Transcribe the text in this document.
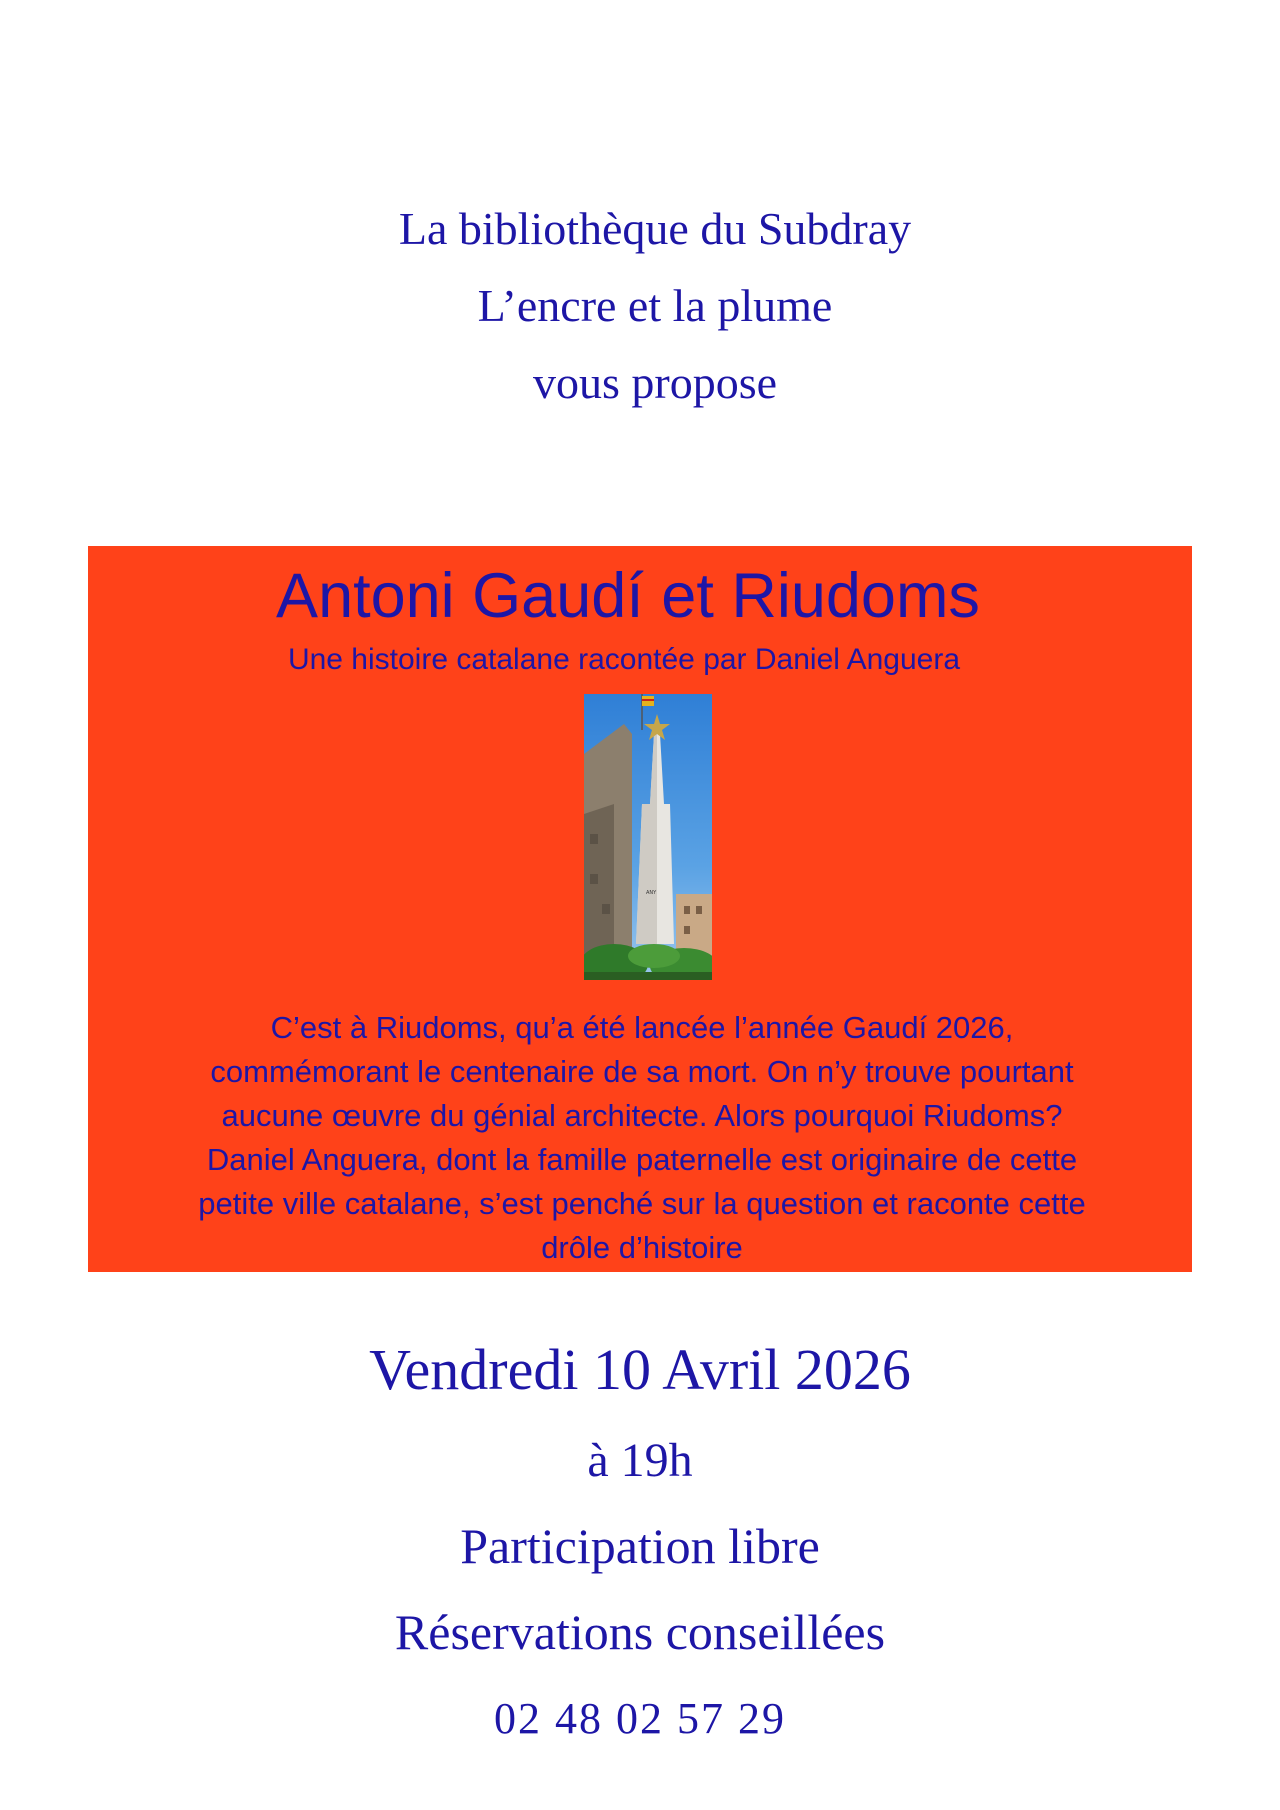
La bibliothèque du Subdray
L’encre et la plume
vous propose
Antoni Gaudí et Riudoms
Une histoire catalane racontée par Daniel Anguera
ANY
C’est à Riudoms, qu’a été lancée l’année Gaudí 2026,
commémorant le centenaire de sa mort. On n’y trouve pourtant
aucune œuvre du génial architecte. Alors pourquoi Riudoms?
Daniel Anguera, dont la famille paternelle est originaire de cette
petite ville catalane, s’est penché sur la question et raconte cette
drôle d’histoire
Vendredi 10 Avril 2026
à 19h
Participation libre
Réservations conseillées
02 48 02 57 29
